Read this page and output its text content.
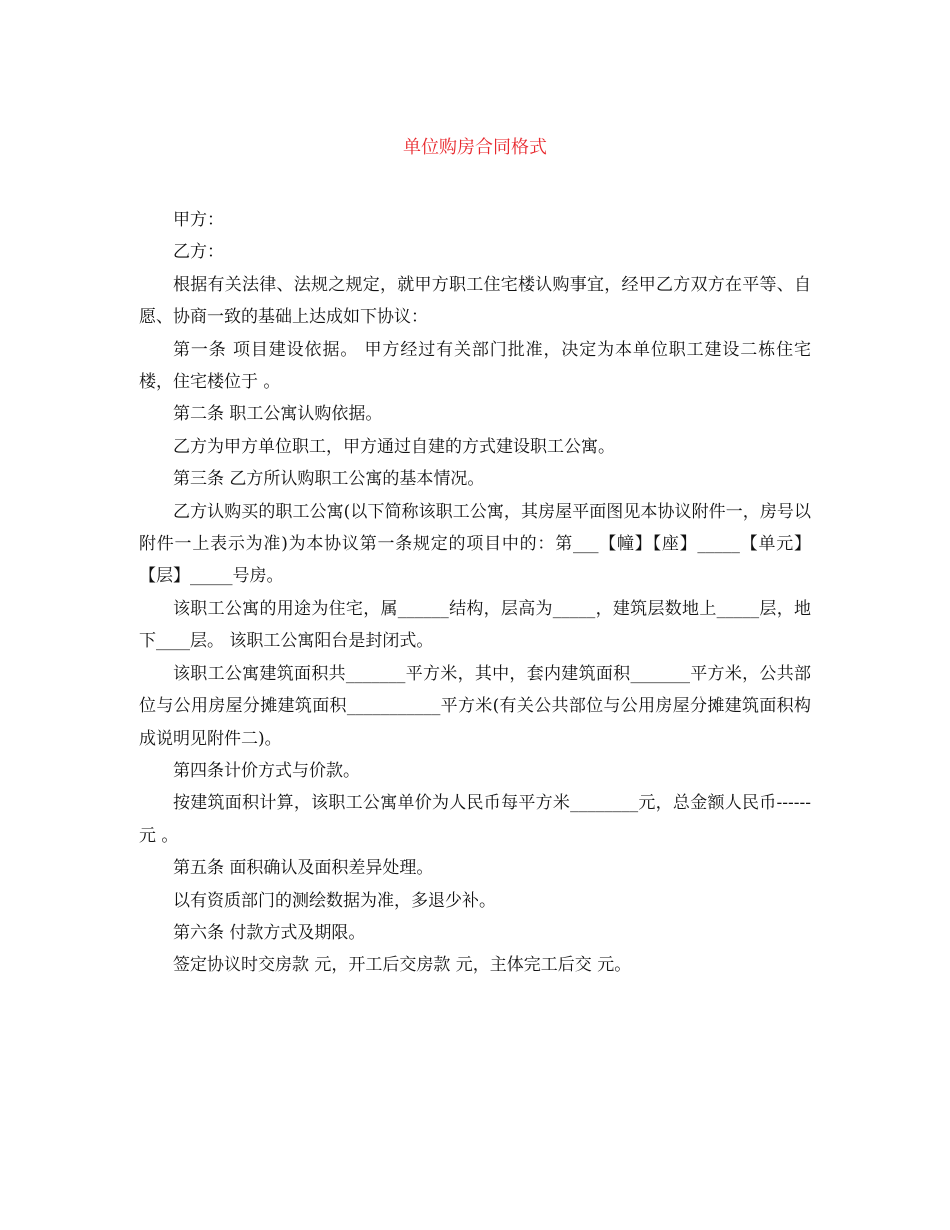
单位购房合同格式

甲方：

乙方：

根据有关法律、法规之规定，就甲方职工住宅楼认购事宜，经甲乙方双方在平等、自愿、协商一致的基础上达成如下协议：

第一条 项目建设依据。 甲方经过有关部门批准，决定为本单位职工建设二栋住宅楼，住宅楼位于 。

第二条 职工公寓认购依据。

乙方为甲方单位职工，甲方通过自建的方式建设职工公寓。

第三条 乙方所认购职工公寓的基本情况。

乙方认购买的职工公寓(以下简称该职工公寓，其房屋平面图见本协议附件一，房号以附件一上表示为准)为本协议第一条规定的项目中的：第___【幢】【座】_____【单元】【层】_____号房。

该职工公寓的用途为住宅，属______结构，层高为_____，建筑层数地上_____层，地下____层。 该职工公寓阳台是封闭式。

该职工公寓建筑面积共_______平方米，其中，套内建筑面积_______平方米，公共部位与公用房屋分摊建筑面积___________平方米(有关公共部位与公用房屋分摊建筑面积构成说明见附件二)。

第四条计价方式与价款。

按建筑面积计算，该职工公寓单价为人民币每平方米________元，总金额人民币------元 。

第五条 面积确认及面积差异处理。

以有资质部门的测绘数据为准，多退少补。

第六条 付款方式及期限。

签定协议时交房款 元，开工后交房款 元，主体完工后交 元。
